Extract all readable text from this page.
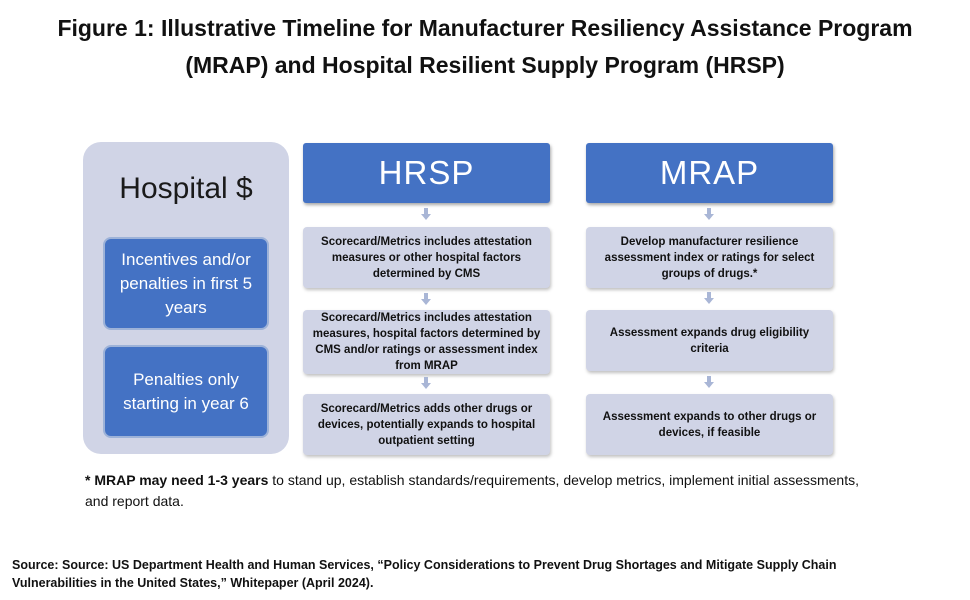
Figure 1: Illustrative Timeline for Manufacturer Resiliency Assistance Program
(MRAP) and Hospital Resilient Supply Program (HRSP)
Hospital $
Incentives and/or penalties in first 5 years
Penalties only starting in year 6
HRSP
Scorecard/Metrics includes attestation measures or other hospital factors determined by CMS
Scorecard/Metrics includes attestation measures, hospital factors determined by CMS and/or ratings or assessment index from MRAP
Scorecard/Metrics adds other drugs or devices, potentially expands to hospital outpatient setting
MRAP
Develop manufacturer resilience assessment index or ratings for select groups of drugs.*
Assessment expands drug eligibility criteria
Assessment expands to other drugs or devices, if feasible
* MRAP may need 1-3 years to stand up, establish standards/requirements, develop metrics, implement initial assessments, and report data.
Source: Source: US Department Health and Human Services, “Policy Considerations to Prevent Drug Shortages and Mitigate Supply Chain
Vulnerabilities in the United States,” Whitepaper (April 2024).
